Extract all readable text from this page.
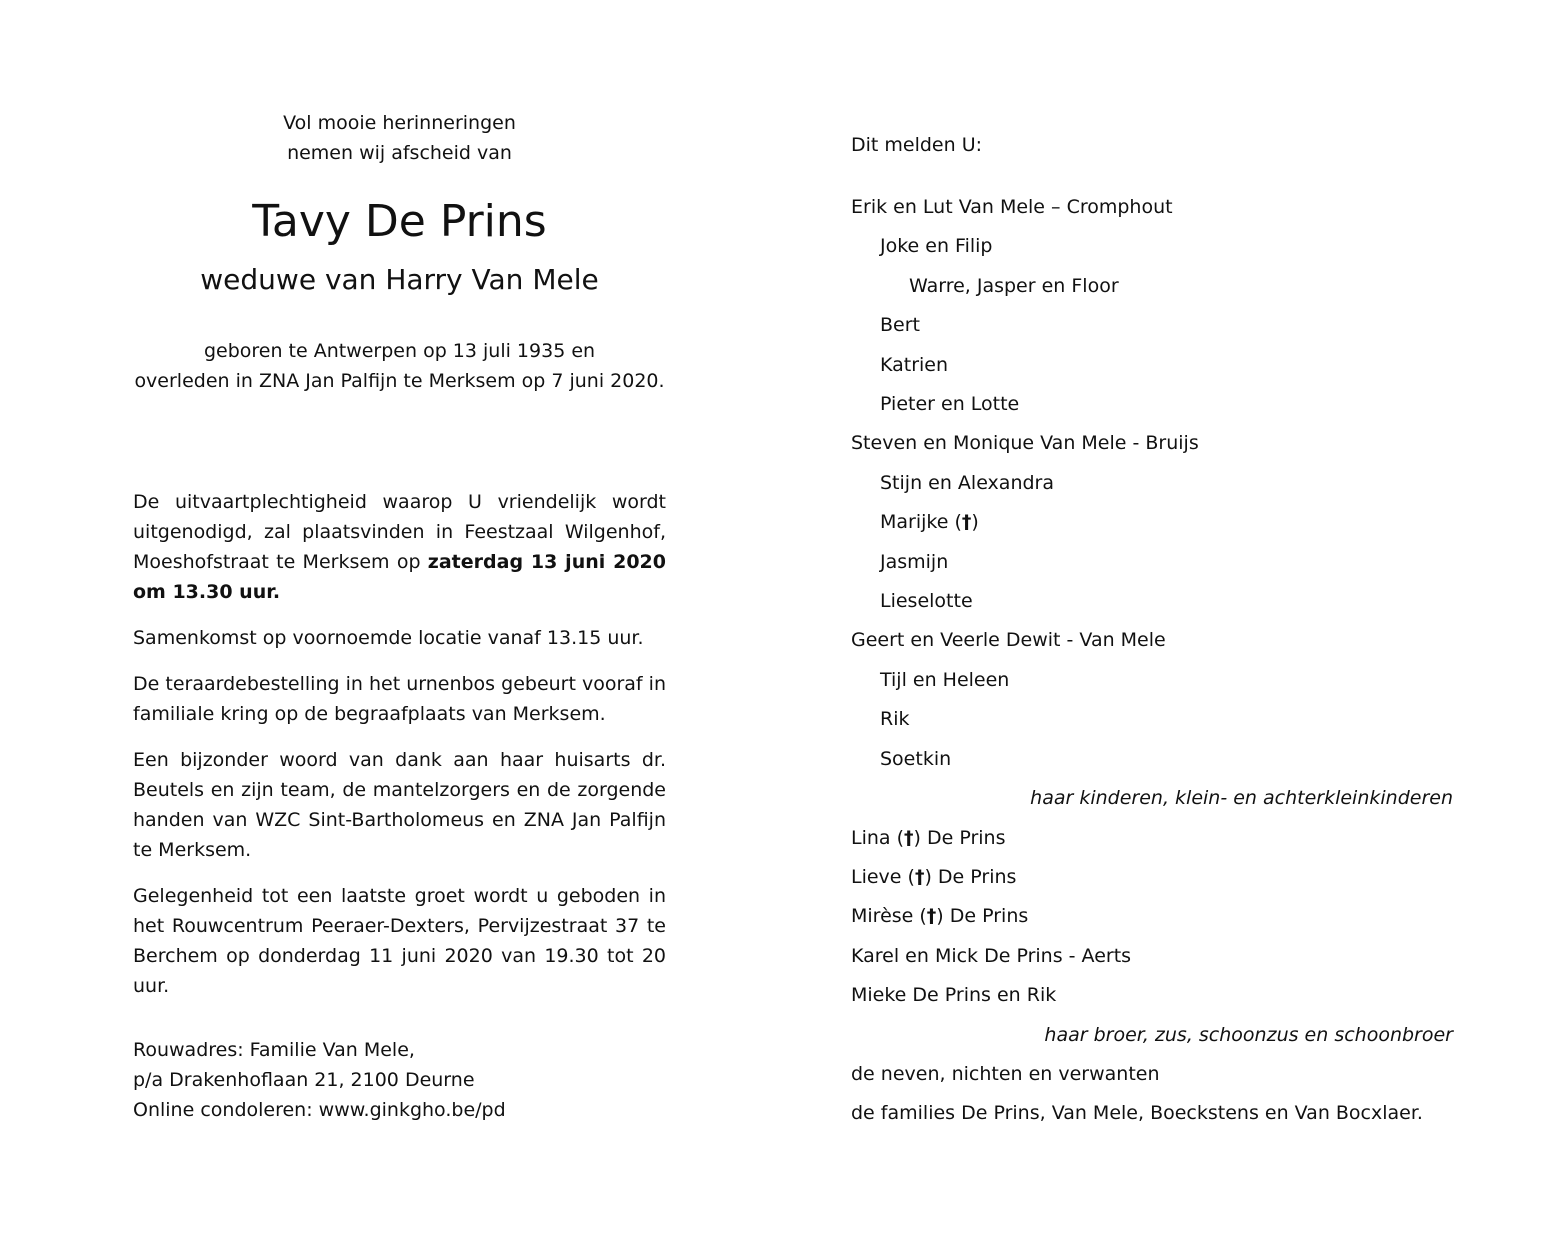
Vol mooie herinneringen

nemen wij afscheid van

Tavy De Prins

weduwe van Harry Van Mele

geboren te Antwerpen op 13 juli 1935 en

overleden in ZNA Jan Palfijn te Merksem op 7 juni 2020.

De uitvaartplechtigheid waarop U vriendelijk wordt uitgenodigd, zal plaatsvinden in Feestzaal Wilgenhof, Moeshofstraat te Merksem op zaterdag 13 juni 2020 om 13.30 uur.

Samenkomst op voornoemde locatie vanaf 13.15 uur.

De teraardebestelling in het urnenbos gebeurt vooraf in familiale kring op de begraafplaats van Merksem.

Een bijzonder woord van dank aan haar huisarts dr. Beutels en zijn team, de mantelzorgers en de zorgende handen van WZC Sint-Bartholomeus en ZNA Jan Palfijn te Merksem.

Gelegenheid tot een laatste groet wordt u geboden in het Rouwcentrum Peeraer-Dexters, Pervijzestraat 37 te Berchem op donderdag 11 juni 2020 van 19.30 tot 20 uur.

Rouwadres: Familie Van Mele,
p/a Drakenhoflaan 21, 2100 Deurne
Online condoleren: www.ginkgho.be/pd

Dit melden U:

Erik en Lut Van Mele – Cromphout
Joke en Filip
Warre, Jasper en Floor
Bert
Katrien
Pieter en Lotte
Steven en Monique Van Mele - Bruijs
Stijn en Alexandra
Marijke (†)
Jasmijn
Lieselotte
Geert en Veerle Dewit - Van Mele
Tijl en Heleen
Rik
Soetkin
haar kinderen, klein- en achterkleinkinderen
Lina (†) De Prins
Lieve (†) De Prins
Mirèse (†) De Prins
Karel en Mick De Prins - Aerts
Mieke De Prins en Rik
haar broer, zus, schoonzus en schoonbroer
de neven, nichten en verwanten
de families De Prins, Van Mele, Boeckstens en Van Bocxlaer.
